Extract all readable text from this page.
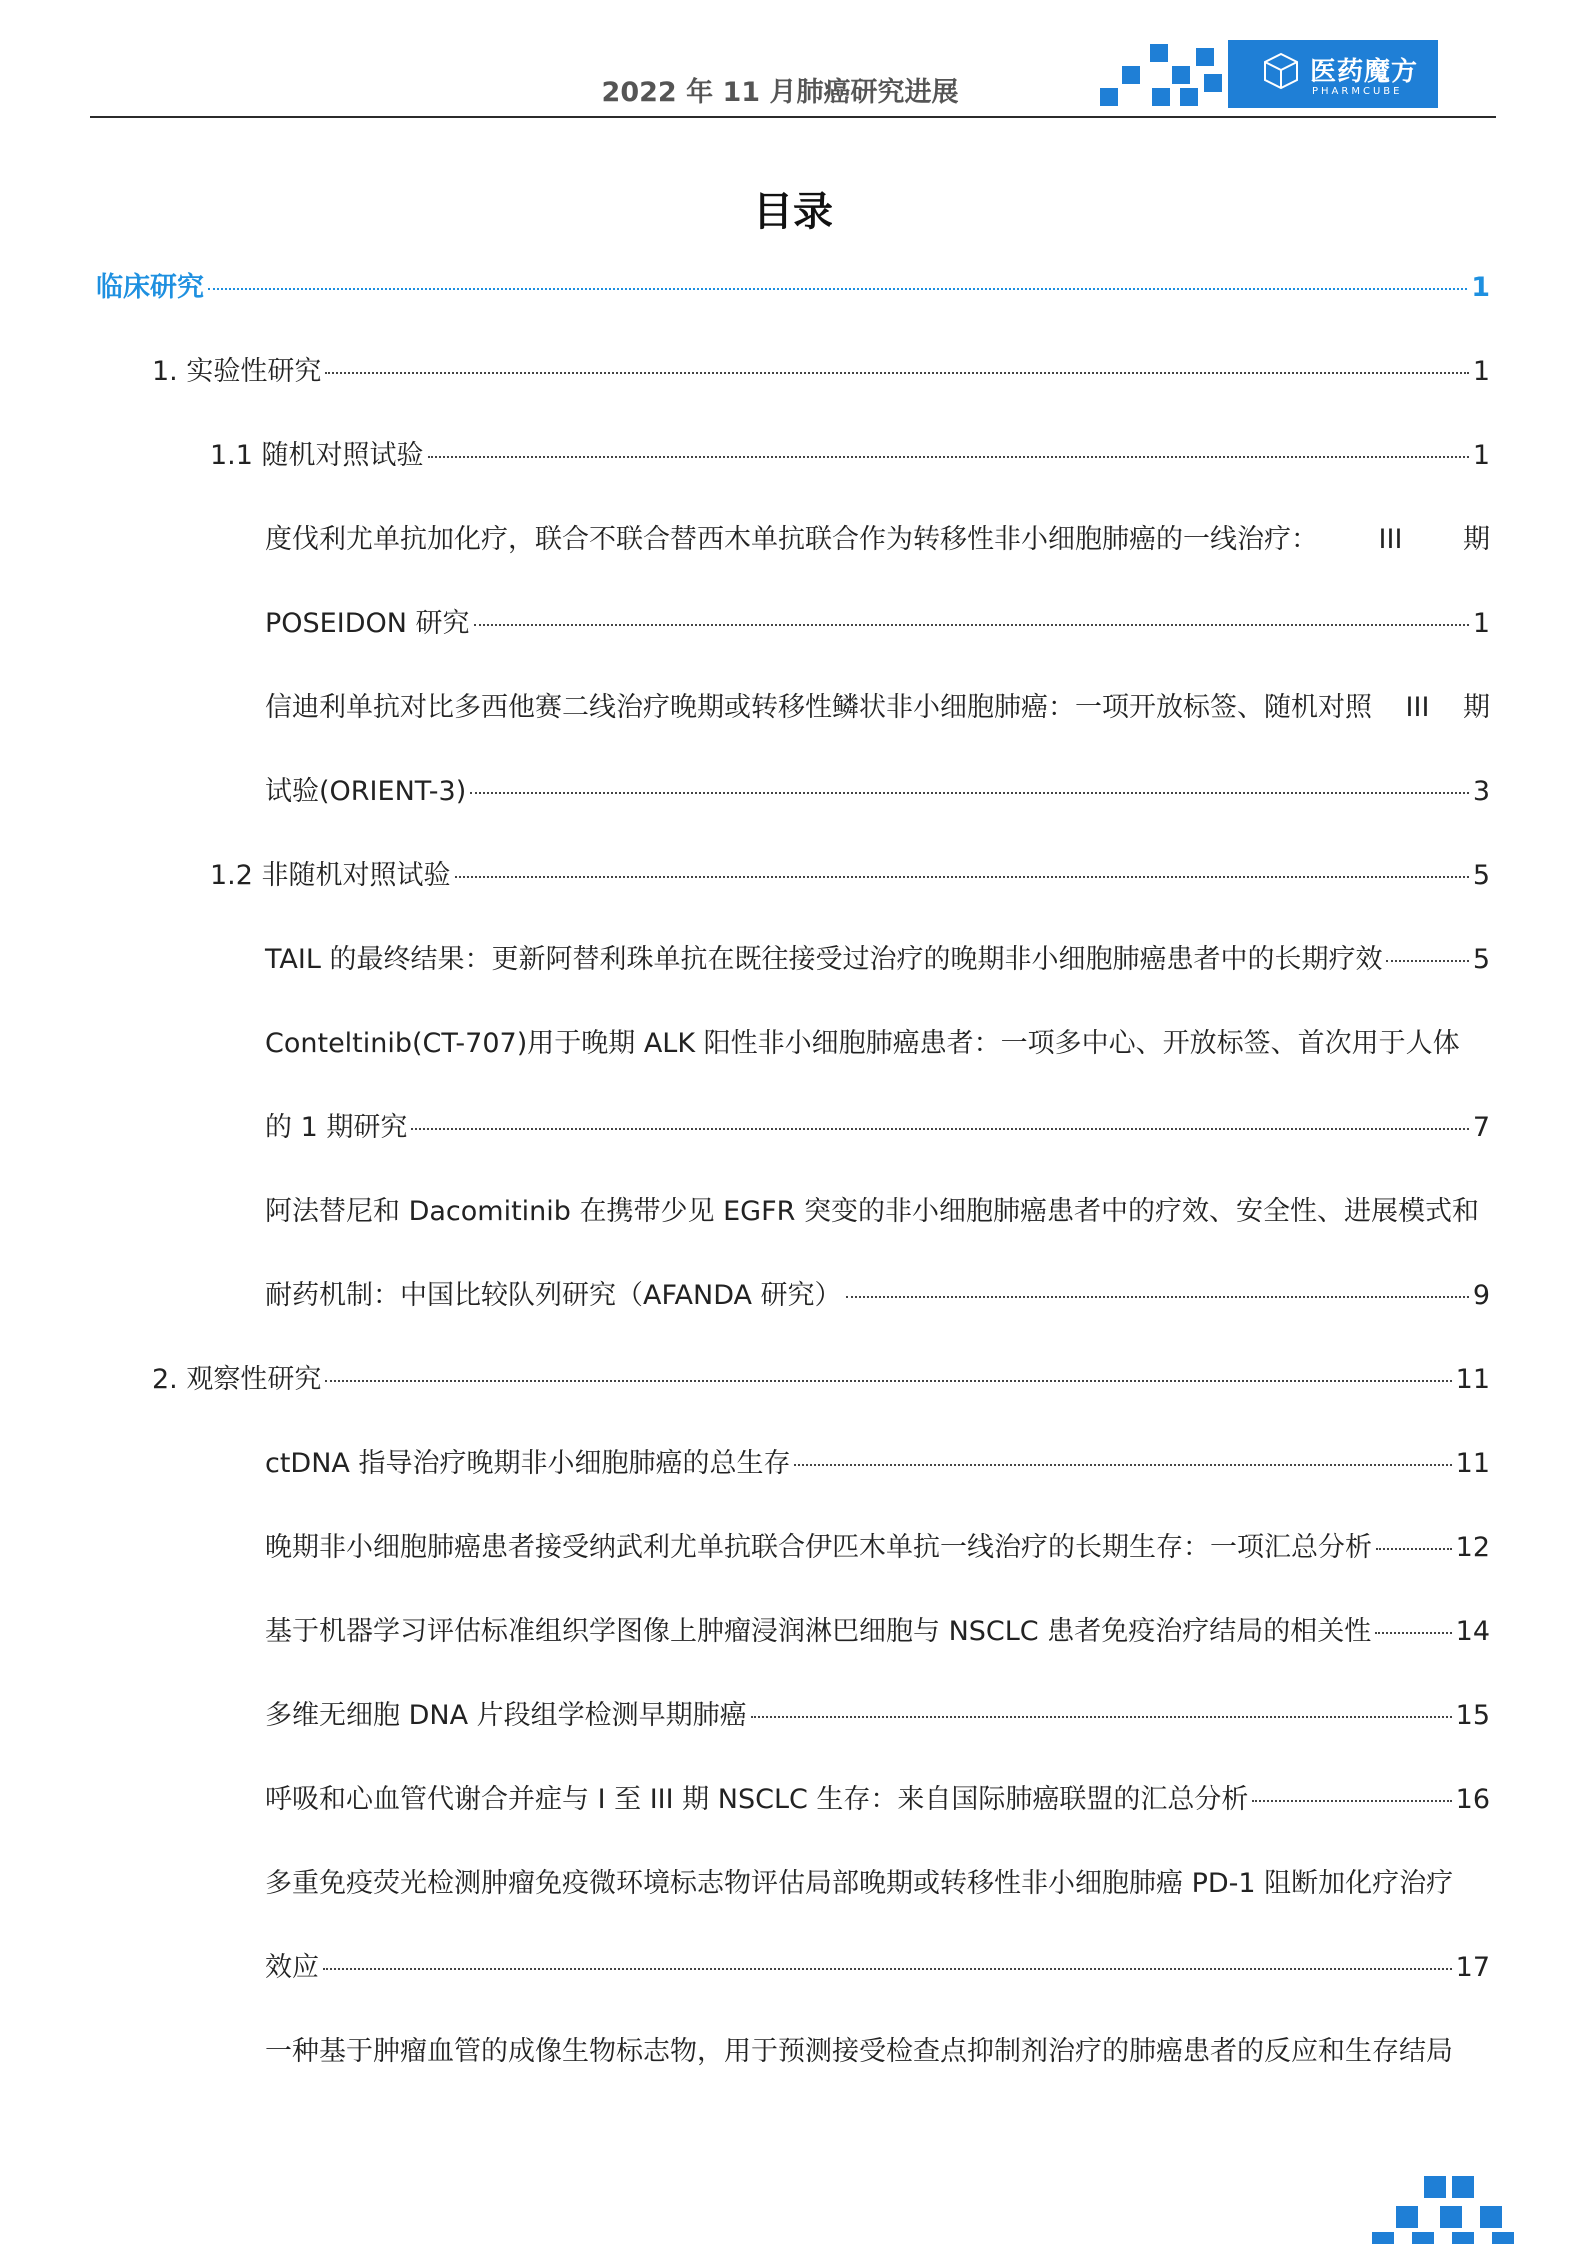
2022 年 11 月肺癌研究进展
医药魔方
PHARMCUBE
目录
临床研究	1
1. 实验性研究	1
1.1 随机对照试验	1
度伐利尤单抗加化疗，联合不联合替西木单抗联合作为转移性非小细胞肺癌的一线治疗： III 期
POSEIDON 研究	1
信迪利单抗对比多西他赛二线治疗晚期或转移性鳞状非小细胞肺癌：一项开放标签、随机对照 III 期
试验(ORIENT-3)	3
1.2 非随机对照试验	5
TAIL 的最终结果：更新阿替利珠单抗在既往接受过治疗的晚期非小细胞肺癌患者中的长期疗效	5
Conteltinib(CT-707)用于晚期 ALK 阳性非小细胞肺癌患者：一项多中心、开放标签、首次用于人体
的 1 期研究	7
阿法替尼和 Dacomitinib 在携带少见 EGFR 突变的非小细胞肺癌患者中的疗效、安全性、进展模式和
耐药机制：中国比较队列研究（AFANDA 研究）	9
2. 观察性研究	11
ctDNA 指导治疗晚期非小细胞肺癌的总生存	11
晚期非小细胞肺癌患者接受纳武利尤单抗联合伊匹木单抗一线治疗的长期生存：一项汇总分析	12
基于机器学习评估标准组织学图像上肿瘤浸润淋巴细胞与 NSCLC 患者免疫治疗结局的相关性	14
多维无细胞 DNA 片段组学检测早期肺癌	15
呼吸和心血管代谢合并症与 I 至 III 期 NSCLC 生存：来自国际肺癌联盟的汇总分析	16
多重免疫荧光检测肿瘤免疫微环境标志物评估局部晚期或转移性非小细胞肺癌 PD-1 阻断加化疗治疗
效应	17
一种基于肿瘤血管的成像生物标志物，用于预测接受检查点抑制剂治疗的肺癌患者的反应和生存结局
